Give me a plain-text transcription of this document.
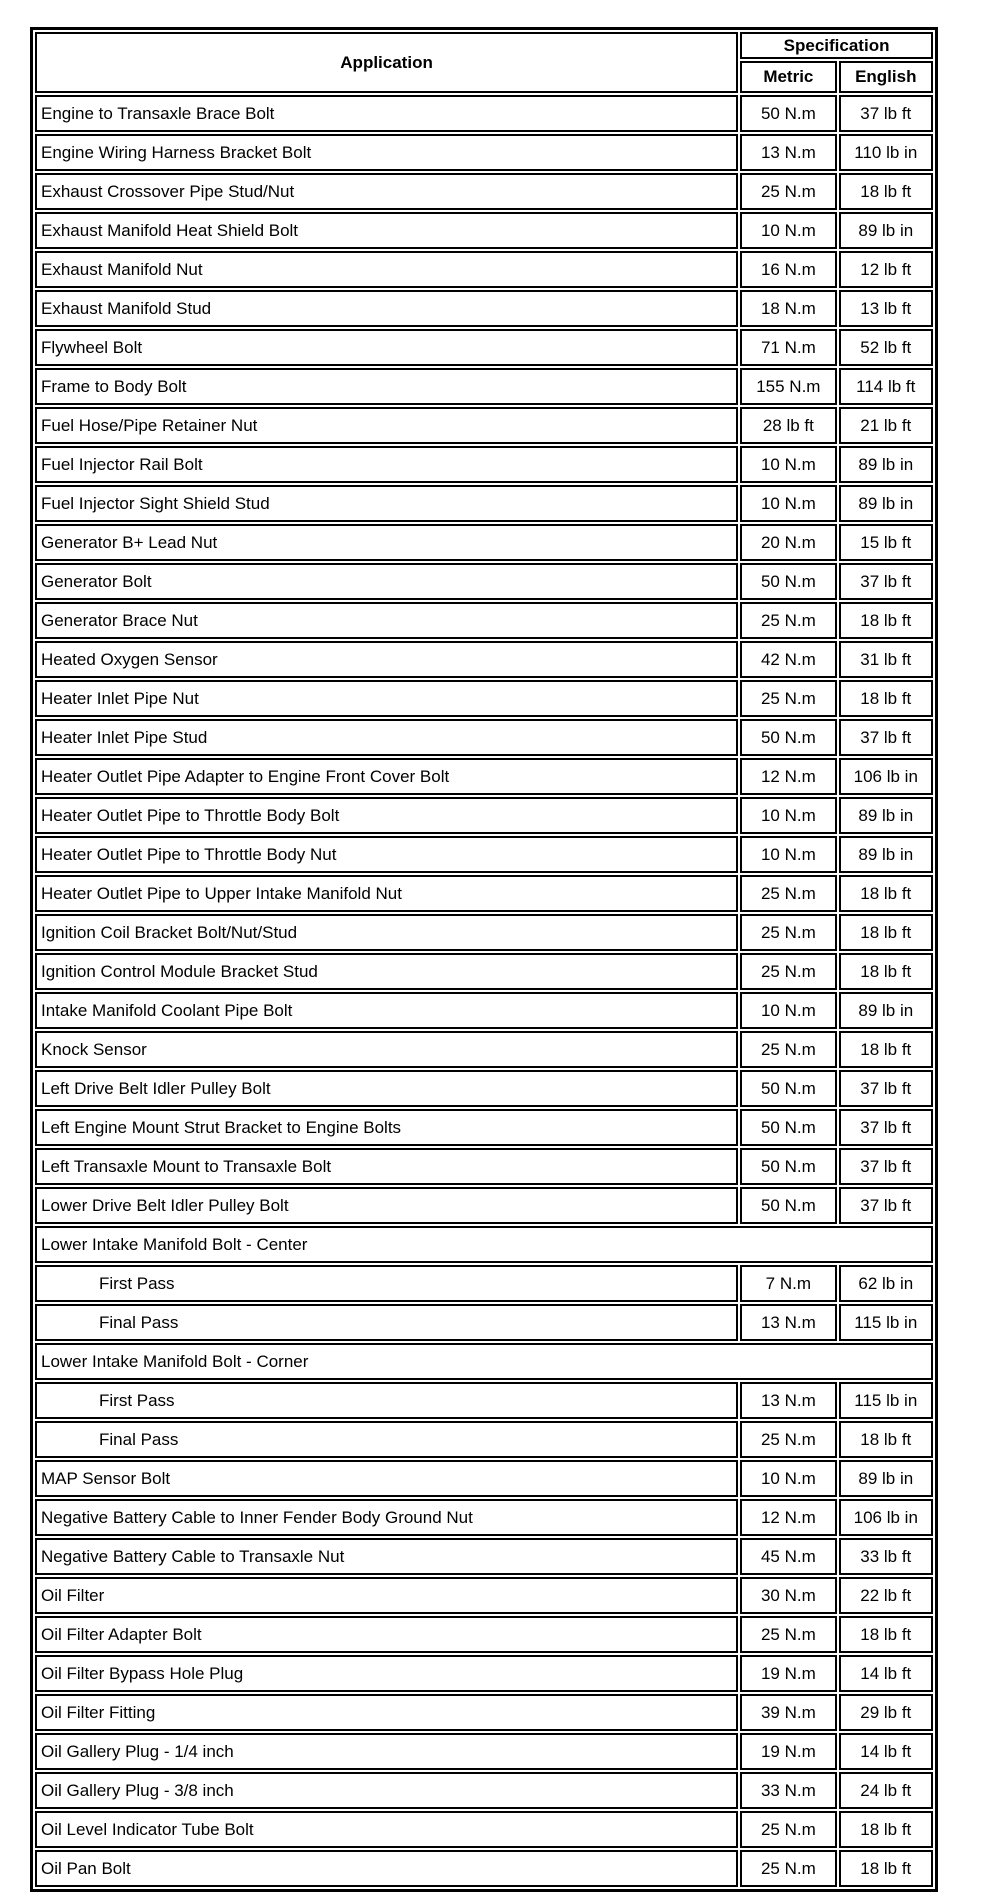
Application	Specification	
	Metric	English
Engine to Transaxle Brace Bolt	50 N.m	37 lb ft
Engine Wiring Harness Bracket Bolt	13 N.m	110 lb in
Exhaust Crossover Pipe Stud/Nut	25 N.m	18 lb ft
Exhaust Manifold Heat Shield Bolt	10 N.m	89 lb in
Exhaust Manifold Nut	16 N.m	12 lb ft
Exhaust Manifold Stud	18 N.m	13 lb ft
Flywheel Bolt	71 N.m	52 lb ft
Frame to Body Bolt	155 N.m	114 lb ft
Fuel Hose/Pipe Retainer Nut	28 lb ft	21 lb ft
Fuel Injector Rail Bolt	10 N.m	89 lb in
Fuel Injector Sight Shield Stud	10 N.m	89 lb in
Generator B+ Lead Nut	20 N.m	15 lb ft
Generator Bolt	50 N.m	37 lb ft
Generator Brace Nut	25 N.m	18 lb ft
Heated Oxygen Sensor	42 N.m	31 lb ft
Heater Inlet Pipe Nut	25 N.m	18 lb ft
Heater Inlet Pipe Stud	50 N.m	37 lb ft
Heater Outlet Pipe Adapter to Engine Front Cover Bolt	12 N.m	106 lb in
Heater Outlet Pipe to Throttle Body Bolt	10 N.m	89 lb in
Heater Outlet Pipe to Throttle Body Nut	10 N.m	89 lb in
Heater Outlet Pipe to Upper Intake Manifold Nut	25 N.m	18 lb ft
Ignition Coil Bracket Bolt/Nut/Stud	25 N.m	18 lb ft
Ignition Control Module Bracket Stud	25 N.m	18 lb ft
Intake Manifold Coolant Pipe Bolt	10 N.m	89 lb in
Knock Sensor	25 N.m	18 lb ft
Left Drive Belt Idler Pulley Bolt	50 N.m	37 lb ft
Left Engine Mount Strut Bracket to Engine Bolts	50 N.m	37 lb ft
Left Transaxle Mount to Transaxle Bolt	50 N.m	37 lb ft
Lower Drive Belt Idler Pulley Bolt	50 N.m	37 lb ft
Lower Intake Manifold Bolt - Center		
First Pass	7 N.m	62 lb in
Final Pass	13 N.m	115 lb in
Lower Intake Manifold Bolt - Corner		
First Pass	13 N.m	115 lb in
Final Pass	25 N.m	18 lb ft
MAP Sensor Bolt	10 N.m	89 lb in
Negative Battery Cable to Inner Fender Body Ground Nut	12 N.m	106 lb in
Negative Battery Cable to Transaxle Nut	45 N.m	33 lb ft
Oil Filter	30 N.m	22 lb ft
Oil Filter Adapter Bolt	25 N.m	18 lb ft
Oil Filter Bypass Hole Plug	19 N.m	14 lb ft
Oil Filter Fitting	39 N.m	29 lb ft
Oil Gallery Plug - 1/4 inch	19 N.m	14 lb ft
Oil Gallery Plug - 3/8 inch	33 N.m	24 lb ft
Oil Level Indicator Tube Bolt	25 N.m	18 lb ft
Oil Pan Bolt	25 N.m	18 lb ft
